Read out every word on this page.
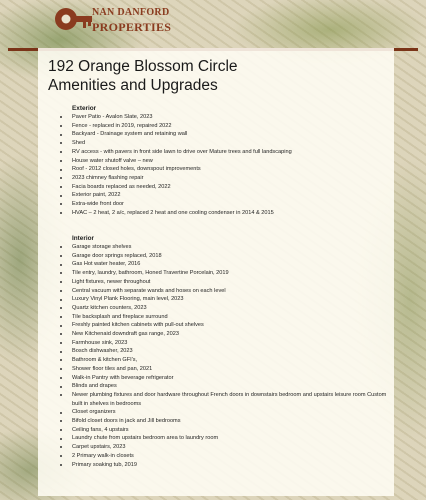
NAN DANFORD
PROPERTIES
192 Orange Blossom Circle
Amenities and Upgrades
Exterior
Paver Patio - Avalon Slate, 2023
Fence - replaced in 2019, repaired 2022
Backyard - Drainage system and retaining wall
Shed
RV access - with pavers in front side lawn to drive over Mature trees and full landscaping
House water shutoff valve – new
Roof - 2012 closed holes, downspout improvements
2023 chimney flashing repair
Facia boards replaced as needed, 2022
Exterior paint, 2022
Extra-wide front door
HVAC – 2 heat, 2 a/c, replaced 2 heat and one cooling condenser in 2014 & 2015
Interior
Garage storage shelves
Garage door springs replaced, 2018
Gas Hot water heater, 2016
Tile entry, laundry, bathroom, Honed Travertine Porcelain, 2019
Light fixtures, newer throughout
Central vacuum with separate wands and hoses on each level
Luxury Vinyl Plank Flooring, main level, 2023
Quartz kitchen counters, 2023
Tile backsplash and fireplace surround
Freshly painted kitchen cabinets with pull-out shelves
New Kitchenaid downdraft gas range, 2023
Farmhouse sink, 2023
Bosch dishwasher, 2023
Bathroom & kitchen GFI's,
Shower floor tiles and pan, 2021
Walk-in Pantry with beverage refrigerator
Blinds and drapes
Newer plumbing fixtures and door hardware throughout French doors in downstairs bedroom and upstairs leisure room Custom built in shelves in bedrooms
Closet organizers
Bifold closet doors in jack and Jill bedrooms
Ceiling fans, 4 upstairs
Laundry chute from upstairs bedroom area to laundry room
Carpet upstairs, 2023
2 Primary walk-in closets
Primary soaking tub, 2019
